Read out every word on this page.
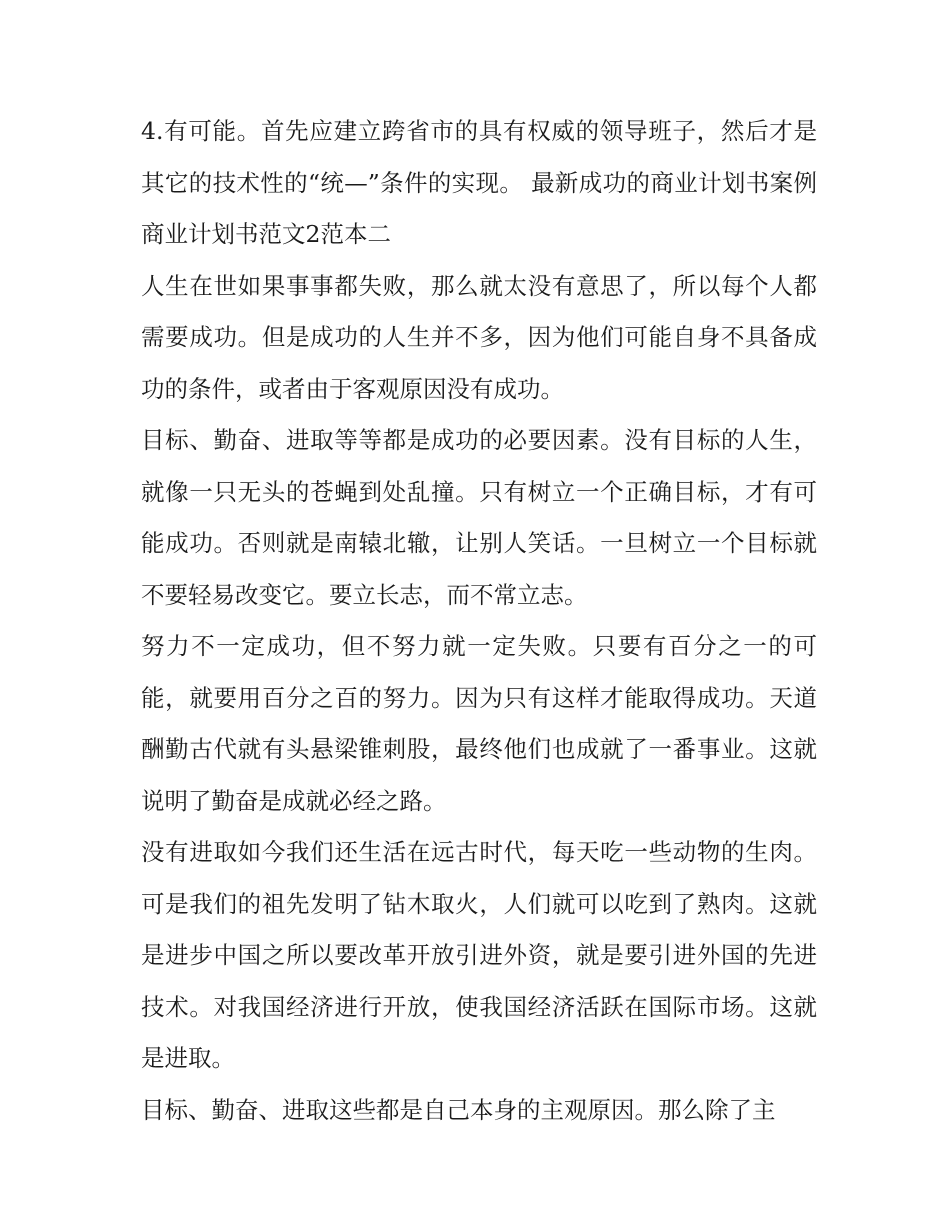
4.有可能。首先应建立跨省市的具有权威的领导班子，然后才是其它的技术性的“统—”条件的实现。 最新成功的商业计划书案例商业计划书范文2范本二

人生在世如果事事都失败，那么就太没有意思了，所以每个人都需要成功。但是成功的人生并不多，因为他们可能自身不具备成功的条件，或者由于客观原因没有成功。

目标、勤奋、进取等等都是成功的必要因素。没有目标的人生，就像一只无头的苍蝇到处乱撞。只有树立一个正确目标，才有可能成功。否则就是南辕北辙，让别人笑话。一旦树立一个目标就不要轻易改变它。要立长志，而不常立志。

努力不一定成功，但不努力就一定失败。只要有百分之一的可能，就要用百分之百的努力。因为只有这样才能取得成功。天道酬勤古代就有头悬梁锥刺股，最终他们也成就了一番事业。这就说明了勤奋是成就必经之路。

没有进取如今我们还生活在远古时代，每天吃一些动物的生肉。可是我们的祖先发明了钻木取火，人们就可以吃到了熟肉。这就是进步中国之所以要改革开放引进外资，就是要引进外国的先进技术。对我国经济进行开放，使我国经济活跃在国际市场。这就是进取。

目标、勤奋、进取这些都是自己本身的主观原因。那么除了主
